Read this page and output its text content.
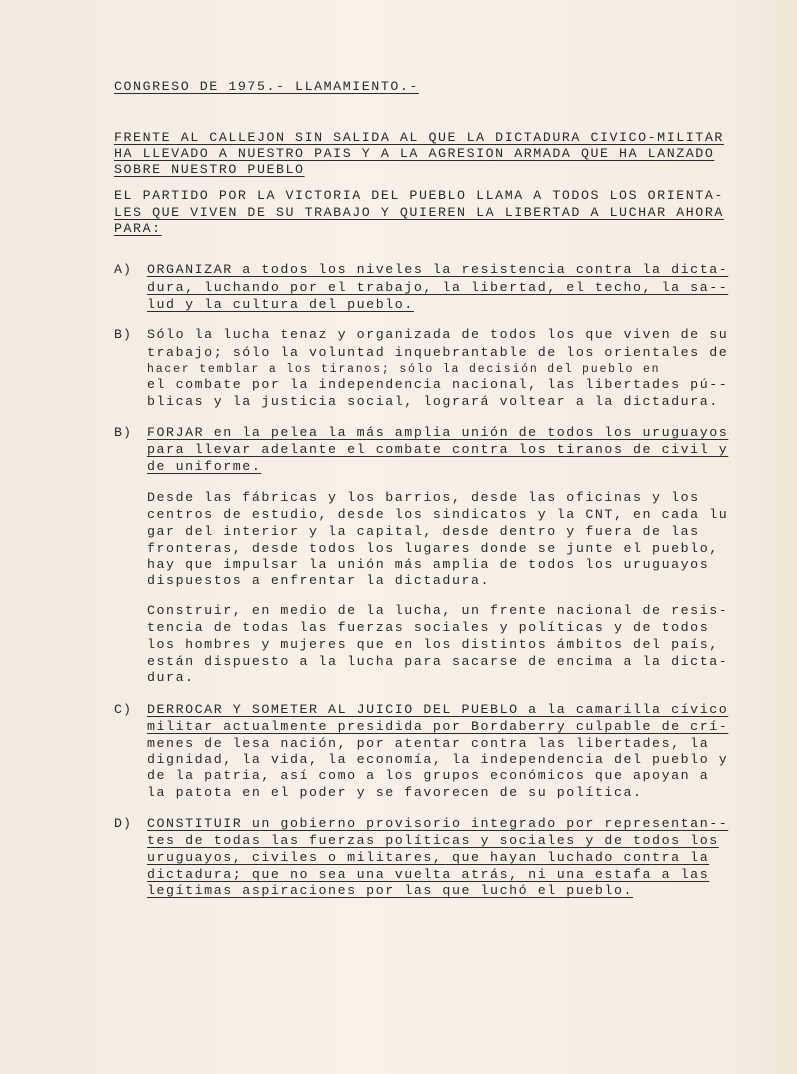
CONGRESO DE 1975.- LLAMAMIENTO.-
FRENTE AL CALLEJON SIN SALIDA AL QUE LA DICTADURA CIVICO-MILITAR
HA LLEVADO A NUESTRO PAIS Y A LA AGRESION ARMADA QUE HA LANZADO
SOBRE NUESTRO PUEBLO
EL PARTIDO POR LA VICTORIA DEL PUEBLO LLAMA A TODOS LOS ORIENTA-
LES QUE VIVEN DE SU TRABAJO Y QUIEREN LA LIBERTAD A LUCHAR AHORA
PARA:
A) ORGANIZAR a todos los niveles la resistencia contra la dicta-
dura, luchando por el trabajo, la libertad, el techo, la sa--
lud y la cultura del pueblo.
B) Sólo la lucha tenaz y organizada de todos los que viven de su
trabajo; sólo la voluntad inquebrantable de los orientales de
hacer temblar a los tiranos; sólo la decisión del pueblo en
el combate por la independencia nacional, las libertades pú--
blicas y la justicia social, logrará voltear a la dictadura.
B) FORJAR en la pelea la más amplia unión de todos los uruguayos
para llevar adelante el combate contra los tiranos de civil y
de uniforme.
Desde las fábricas y los barrios, desde las oficinas y los
centros de estudio, desde los sindicatos y la CNT, en cada lu
gar del interior y la capital, desde dentro y fuera de las
fronteras, desde todos los lugares donde se junte el pueblo,
hay que impulsar la unión más amplia de todos los uruguayos
dispuestos a enfrentar la dictadura.
Construir, en medio de la lucha, un frente nacional de resis-
tencia de todas las fuerzas sociales y políticas y de todos
los hombres y mujeres que en los distintos ámbitos del país,
están dispuesto a la lucha para sacarse de encima a la dicta-
dura.
C) DERROCAR Y SOMETER AL JUICIO DEL PUEBLO a la camarilla cívico
militar actualmente presidida por Bordaberry culpable de crí-
menes de lesa nación, por atentar contra las libertades, la
dignidad, la vida, la economía, la independencia del pueblo y
de la patria, así como a los grupos económicos que apoyan a
la patota en el poder y se favorecen de su política.
D) CONSTITUIR un gobierno provisorio integrado por representan--
tes de todas las fuerzas políticas y sociales y de todos los
uruguayos, civiles o militares, que hayan luchado contra la
dictadura; que no sea una vuelta atrás, ni una estafa a las
legítimas aspiraciones por las que luchó el pueblo.
